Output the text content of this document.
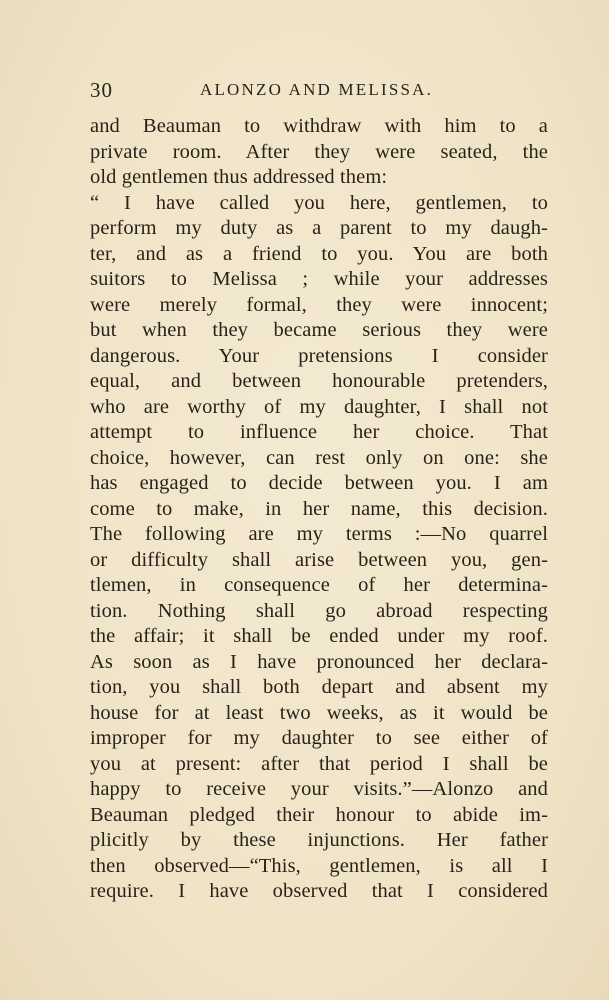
30	ALONZO AND MELISSA.
and Beauman to withdraw with him to a
private room. After they were seated, the
old gentlemen thus addressed them:
“ I have called you here, gentlemen, to
perform my duty as a parent to my daugh-
ter, and as a friend to you. You are both
suitors to Melissa ; while your addresses
were merely formal, they were innocent;
but when they became serious they were
dangerous. Your pretensions I consider
equal, and between honourable pretenders,
who are worthy of my daughter, I shall not
attempt to influence her choice. That
choice, however, can rest only on one: she
has engaged to decide between you. I am
come to make, in her name, this decision.
The following are my terms :—No quarrel
or difficulty shall arise between you, gen-
tlemen, in consequence of her determina-
tion. Nothing shall go abroad respecting
the affair; it shall be ended under my roof.
As soon as I have pronounced her declara-
tion, you shall both depart and absent my
house for at least two weeks, as it would be
improper for my daughter to see either of
you at present: after that period I shall be
happy to receive your visits.”—Alonzo and
Beauman pledged their honour to abide im-
plicitly by these injunctions. Her father
then observed—“This, gentlemen, is all I
require. I have observed that I considered
